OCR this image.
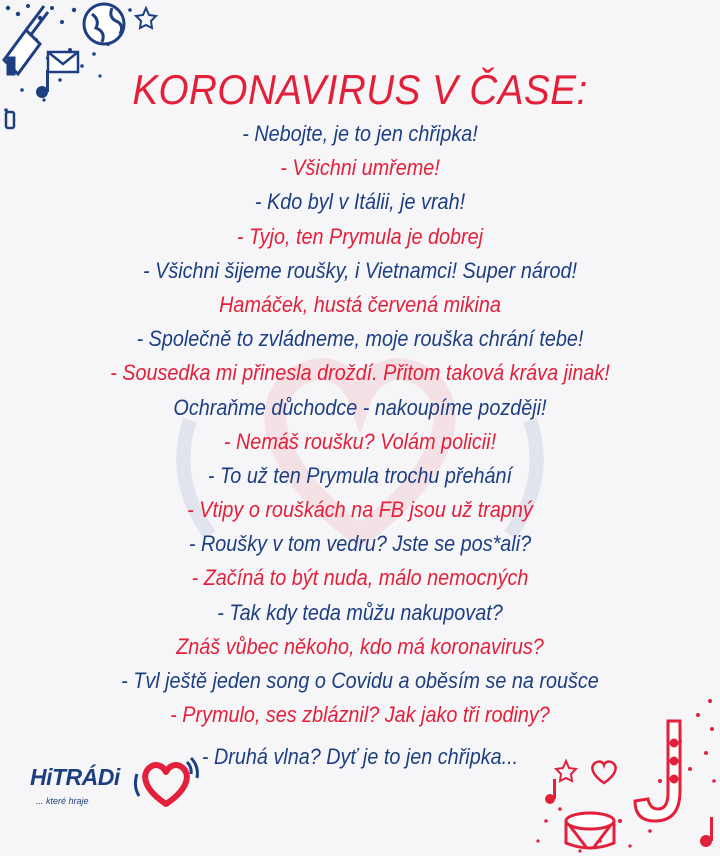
KORONAVIRUS V ČASE:
- Nebojte, je to jen chřipka!
- Všichni umřeme!
- Kdo byl v Itálii, je vrah!
- Tyjo, ten Prymula je dobrej
- Všichni šijeme roušky, i Vietnamci! Super národ!
Hamáček, hustá červená mikina
- Společně to zvládneme, moje rouška chrání tebe!
- Sousedka mi přinesla droždí. Přitom taková kráva jinak!
Ochraňme důchodce - nakoupíme později!
- Nemáš roušku? Volám policii!
- To už ten Prymula trochu přehání
- Vtipy o rouškách na FB jsou už trapný
- Roušky v tom vedru? Jste se pos*ali?
- Začíná to být nuda, málo nemocných
- Tak kdy teda můžu nakupovat?
Znáš vůbec někoho, kdo má koronavirus?
- Tvl ještě jeden song o Covidu a oběsím se na roušce
- Prymulo, ses zbláznil? Jak jako tři rodiny?
- Druhá vlna? Dyť je to jen chřipka...
HiTRÁDi
... které hraje
